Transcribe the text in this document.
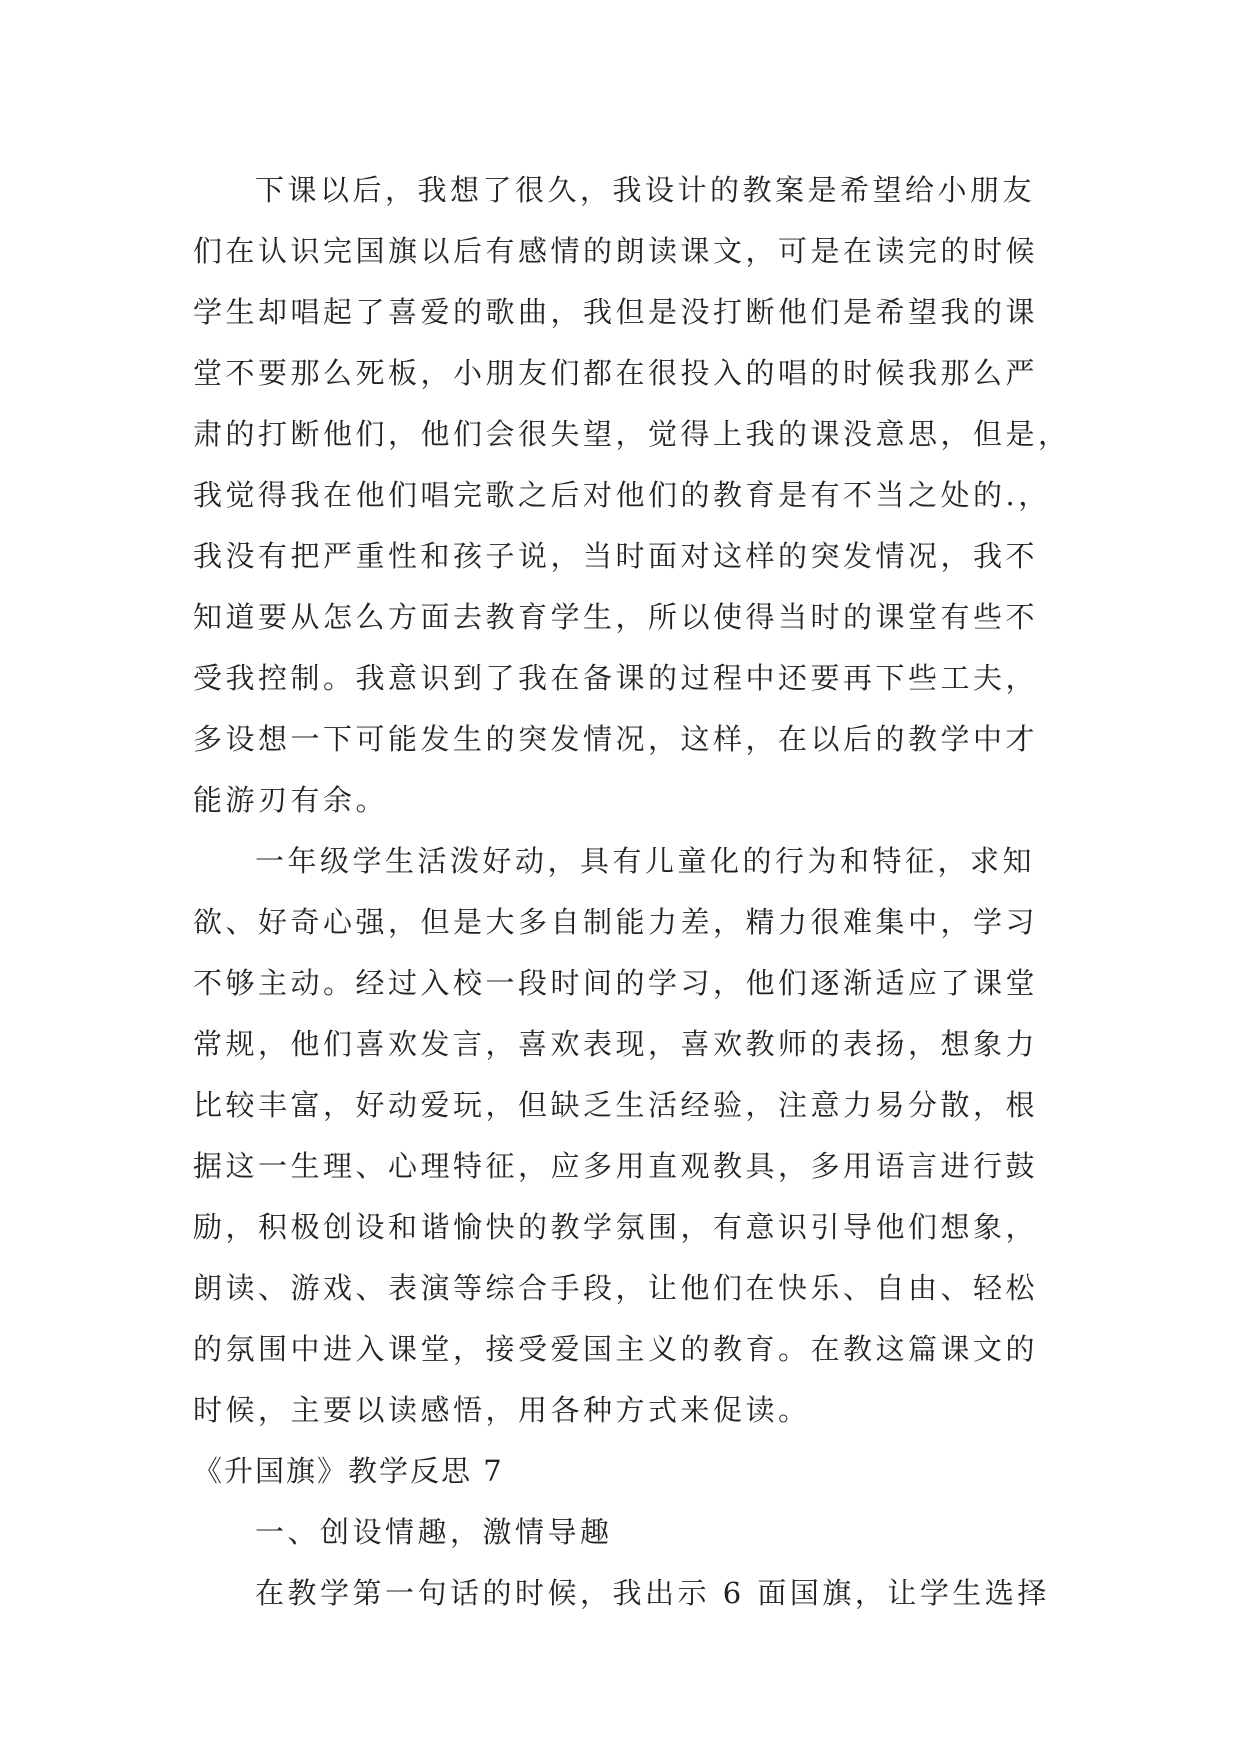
下课以后，我想了很久，我设计的教案是希望给小朋友
们在认识完国旗以后有感情的朗读课文，可是在读完的时候
学生却唱起了喜爱的歌曲，我但是没打断他们是希望我的课
堂不要那么死板，小朋友们都在很投入的唱的时候我那么严
肃的打断他们，他们会很失望，觉得上我的课没意思，但是，
我觉得我在他们唱完歌之后对他们的教育是有不当之处的.，
我没有把严重性和孩子说，当时面对这样的突发情况，我不
知道要从怎么方面去教育学生，所以使得当时的课堂有些不
受我控制。我意识到了我在备课的过程中还要再下些工夫，
多设想一下可能发生的突发情况，这样，在以后的教学中才
能游刃有余。
一年级学生活泼好动，具有儿童化的行为和特征，求知
欲、好奇心强，但是大多自制能力差，精力很难集中，学习
不够主动。经过入校一段时间的学习，他们逐渐适应了课堂
常规，他们喜欢发言，喜欢表现，喜欢教师的表扬，想象力
比较丰富，好动爱玩，但缺乏生活经验，注意力易分散，根
据这一生理、心理特征，应多用直观教具，多用语言进行鼓
励，积极创设和谐愉快的教学氛围，有意识引导他们想象，
朗读、游戏、表演等综合手段，让他们在快乐、自由、轻松
的氛围中进入课堂，接受爱国主义的教育。在教这篇课文的
时候，主要以读感悟，用各种方式来促读。
《升国旗》教学反思 7
一、创设情趣，激情导趣
在教学第一句话的时候，我出示 6 面国旗，让学生选择
